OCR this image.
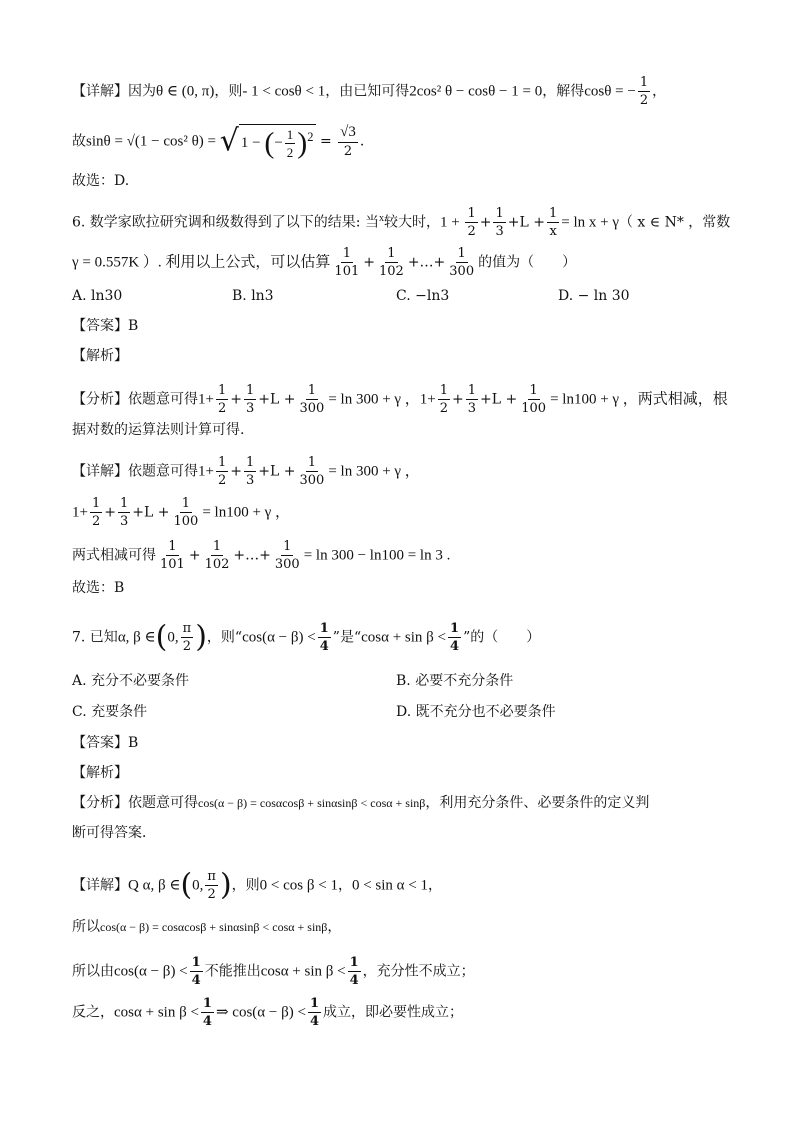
【详解】因为θ ∈ (0, π)，则- 1 < cosθ < 1，由已知可得2cos² θ − cosθ − 1 = 0，解得cosθ = − $\frac{1}{2}$ ，
故sinθ = √(1 − cos² θ) = √ 1 − (− $\frac{1}{2} )^2 = \frac{√3}{2}$ .
故选：D.
6. 数学家欧拉研究调和级数得到了以下的结果: 当$^x$较大时，$1 + \frac{1}{2} + \frac{1}{3} +L + \frac{1}{x} = \ln x + \gamma$（ x ∈ N* ，常数
γ = 0.557K ）. 利用以上公式，可以估算 $\frac{1}{101} + \frac{1}{102}$ +…+ $\frac{1}{300}$ 的值为（　　）
A. ln30	B. ln3	C. −ln3	D. − ln 30
【答案】B
【解析】
【分析】依题意可得$1+ \frac{1}{2} + \frac{1}{3} +L + \frac{1}{300} = \ln 300 + \gamma$ ，$1+ \frac{1}{2} + \frac{1}{3} +L + \frac{1}{100} = \ln 100 + \gamma$ ，两式相减，根
据对数的运算法则计算可得.
【详解】依题意可得$1+ \frac{1}{2} + \frac{1}{3} +L + \frac{1}{300} = \ln 300 + \gamma$ ，
$1+ \frac{1}{2} + \frac{1}{3} +L + \frac{1}{100} = \ln 100 + \gamma$ ，
两式相减可得 $\frac{1}{101} + \frac{1}{102}$ +…+ $\frac{1}{300} = \ln 300 - \ln 100 = \ln 3$ .
故选：B
7. 已知α, β ∈(0, $\frac{\pi}{2}$ )，则“$\cos(\alpha - \beta) < \frac{1}{4}$ ”是“$\cos\alpha + \sin \beta < \frac{1}{4}$ ”的（　　）
A. 充分不必要条件	B. 必要不充分条件
C. 充要条件	D. 既不充分也不必要条件
【答案】B
【解析】
【分析】依题意可得cos(α − β) = cosαcosβ + sinαsinβ < cosα + sinβ，利用充分条件、必要条件的定义判
断可得答案．
【详解】Q α, β ∈(0, $\frac{\pi}{2}$ )，则0 < cos β < 1，0 < sin α < 1，
所以cos(α − β) = cosαcosβ + sinαsinβ < cosα + sinβ，
所以由$\cos(\alpha - \beta) < \frac{1}{4}$ 不能推出$\cos\alpha + \sin \beta < \frac{1}{4}$ ，充分性不成立；
反之，$\cos\alpha + \sin \beta < \frac{1}{4}$ ⇒ $\cos(\alpha - \beta) < \frac{1}{4}$ 成立，即必要性成立；
